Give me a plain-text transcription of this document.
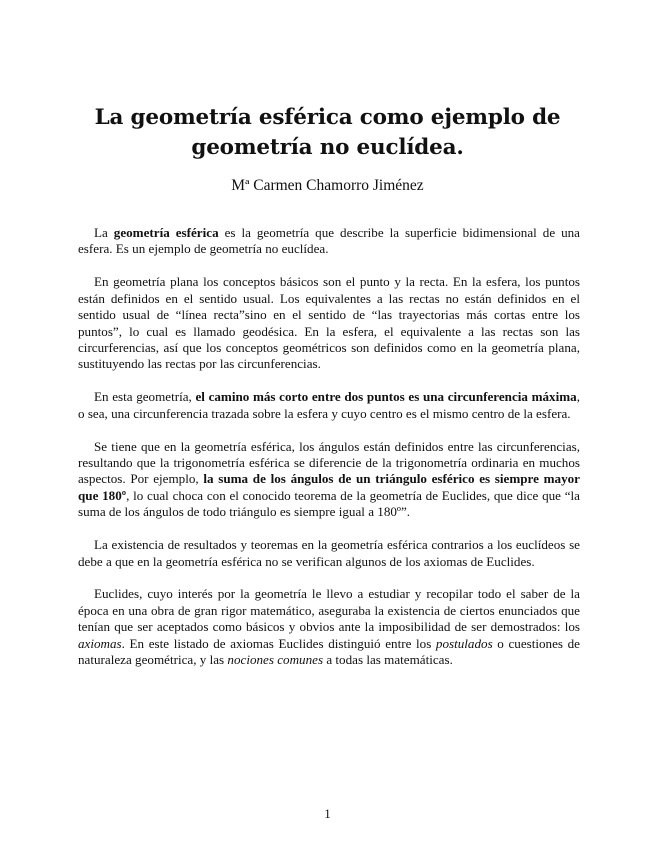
La geometría esférica como ejemplo de
geometría no euclídea.
Mª Carmen Chamorro Jiménez

La geometría esférica es la geometría que describe la superficie bidimensional de una esfera. Es un ejemplo de geometría no euclídea.

En geometría plana los conceptos básicos son el punto y la recta. En la esfera, los puntos están definidos en el sentido usual. Los equivalentes a las rectas no están definidos en el sentido usual de “línea recta”sino en el sentido de “las trayectorias más cortas entre los puntos”, lo cual es llamado geodésica. En la esfera, el equivalente a las rectas son las circurferencias, así que los conceptos geométricos son definidos como en la geometría plana, sustituyendo las rectas por las circunferencias.

En esta geometría, el camino más corto entre dos puntos es una circunferencia máxima, o sea, una circunferencia trazada sobre la esfera y cuyo centro es el mismo centro de la esfera.

Se tiene que en la geometría esférica, los ángulos están definidos entre las circunferencias, resultando que la trigonometría esférica se diferencie de la trigonometría ordinaria en muchos aspectos. Por ejemplo, la suma de los ángulos de un triángulo esférico es siempre mayor que 180º, lo cual choca con el conocido teorema de la geometría de Euclides, que dice que “la suma de los ángulos de todo triángulo es siempre igual a 180º”.

La existencia de resultados y teoremas en la geometría esférica contrarios a los euclídeos se debe a que en la geometría esférica no se verifican algunos de los axiomas de Euclides.

Euclides, cuyo interés por la geometría le llevo a estudiar y recopilar todo el saber de la época en una obra de gran rigor matemático, aseguraba la existencia de ciertos enunciados que tenían que ser aceptados como básicos y obvios ante la imposibilidad de ser demostrados: los axiomas. En este listado de axiomas Euclides distinguió entre los postulados o cuestiones de naturaleza geométrica, y las nociones comunes a todas las matemáticas.

1
